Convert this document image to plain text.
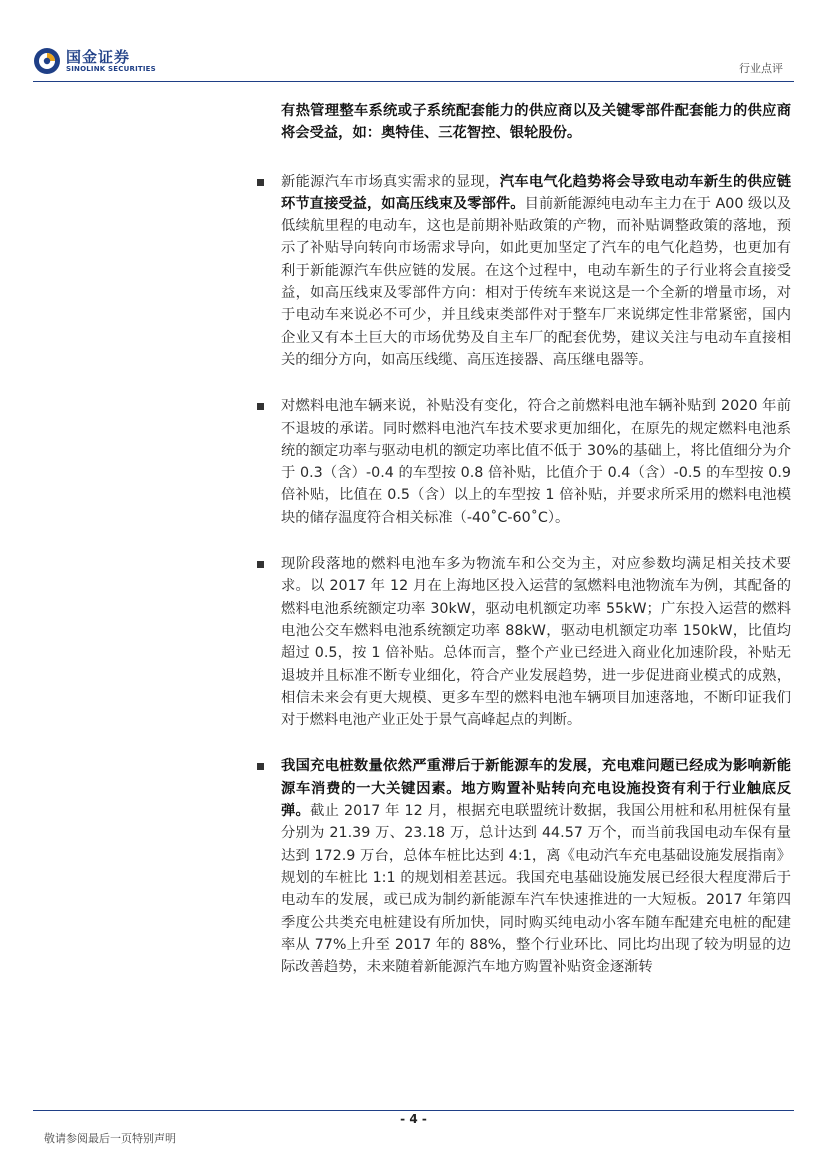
国金证券
SINOLINK SECURITIES	行业点评

有热管理整车系统或子系统配套能力的供应商以及关键零部件配套能力的供应商将会受益，如：奥特佳、三花智控、银轮股份。

新能源汽车市场真实需求的显现，汽车电气化趋势将会导致电动车新生的供应链环节直接受益，如高压线束及零部件。目前新能源纯电动车主力在于 A00 级以及低续航里程的电动车，这也是前期补贴政策的产物，而补贴调整政策的落地，预示了补贴导向转向市场需求导向，如此更加坚定了汽车的电气化趋势，也更加有利于新能源汽车供应链的发展。在这个过程中，电动车新生的子行业将会直接受益，如高压线束及零部件方向：相对于传统车来说这是一个全新的增量市场，对于电动车来说必不可少，并且线束类部件对于整车厂来说绑定性非常紧密，国内企业又有本土巨大的市场优势及自主车厂的配套优势，建议关注与电动车直接相关的细分方向，如高压线缆、高压连接器、高压继电器等。

对燃料电池车辆来说，补贴没有变化，符合之前燃料电池车辆补贴到 2020 年前不退坡的承诺。同时燃料电池汽车技术要求更加细化，在原先的规定燃料电池系统的额定功率与驱动电机的额定功率比值不低于 30%的基础上，将比值细分为介于 0.3（含）-0.4 的车型按 0.8 倍补贴，比值介于 0.4（含）-0.5 的车型按 0.9 倍补贴，比值在 0.5（含）以上的车型按 1 倍补贴，并要求所采用的燃料电池模块的储存温度符合相关标准（-40˚C-60˚C）。

现阶段落地的燃料电池车多为物流车和公交为主，对应参数均满足相关技术要求。以 2017 年 12 月在上海地区投入运营的氢燃料电池物流车为例，其配备的燃料电池系统额定功率 30kW，驱动电机额定功率 55kW；广东投入运营的燃料电池公交车燃料电池系统额定功率 88kW，驱动电机额定功率 150kW，比值均超过 0.5，按 1 倍补贴。总体而言，整个产业已经进入商业化加速阶段，补贴无退坡并且标准不断专业细化，符合产业发展趋势，进一步促进商业模式的成熟，相信未来会有更大规模、更多车型的燃料电池车辆项目加速落地，不断印证我们对于燃料电池产业正处于景气高峰起点的判断。

我国充电桩数量依然严重滞后于新能源车的发展，充电难问题已经成为影响新能源车消费的一大关键因素。地方购置补贴转向充电设施投资有利于行业触底反弹。截止 2017 年 12 月，根据充电联盟统计数据，我国公用桩和私用桩保有量分别为 21.39 万、23.18 万，总计达到 44.57 万个，而当前我国电动车保有量达到 172.9 万台，总体车桩比达到 4:1，离《电动汽车充电基础设施发展指南》规划的车桩比 1:1 的规划相差甚远。我国充电基础设施发展已经很大程度滞后于电动车的发展，或已成为制约新能源车汽车快速推进的一大短板。2017 年第四季度公共类充电桩建设有所加快，同时购买纯电动小客车随车配建充电桩的配建率从 77%上升至 2017 年的 88%，整个行业环比、同比均出现了较为明显的边际改善趋势，未来随着新能源汽车地方购置补贴资金逐渐转

- 4 -
敬请参阅最后一页特别声明
